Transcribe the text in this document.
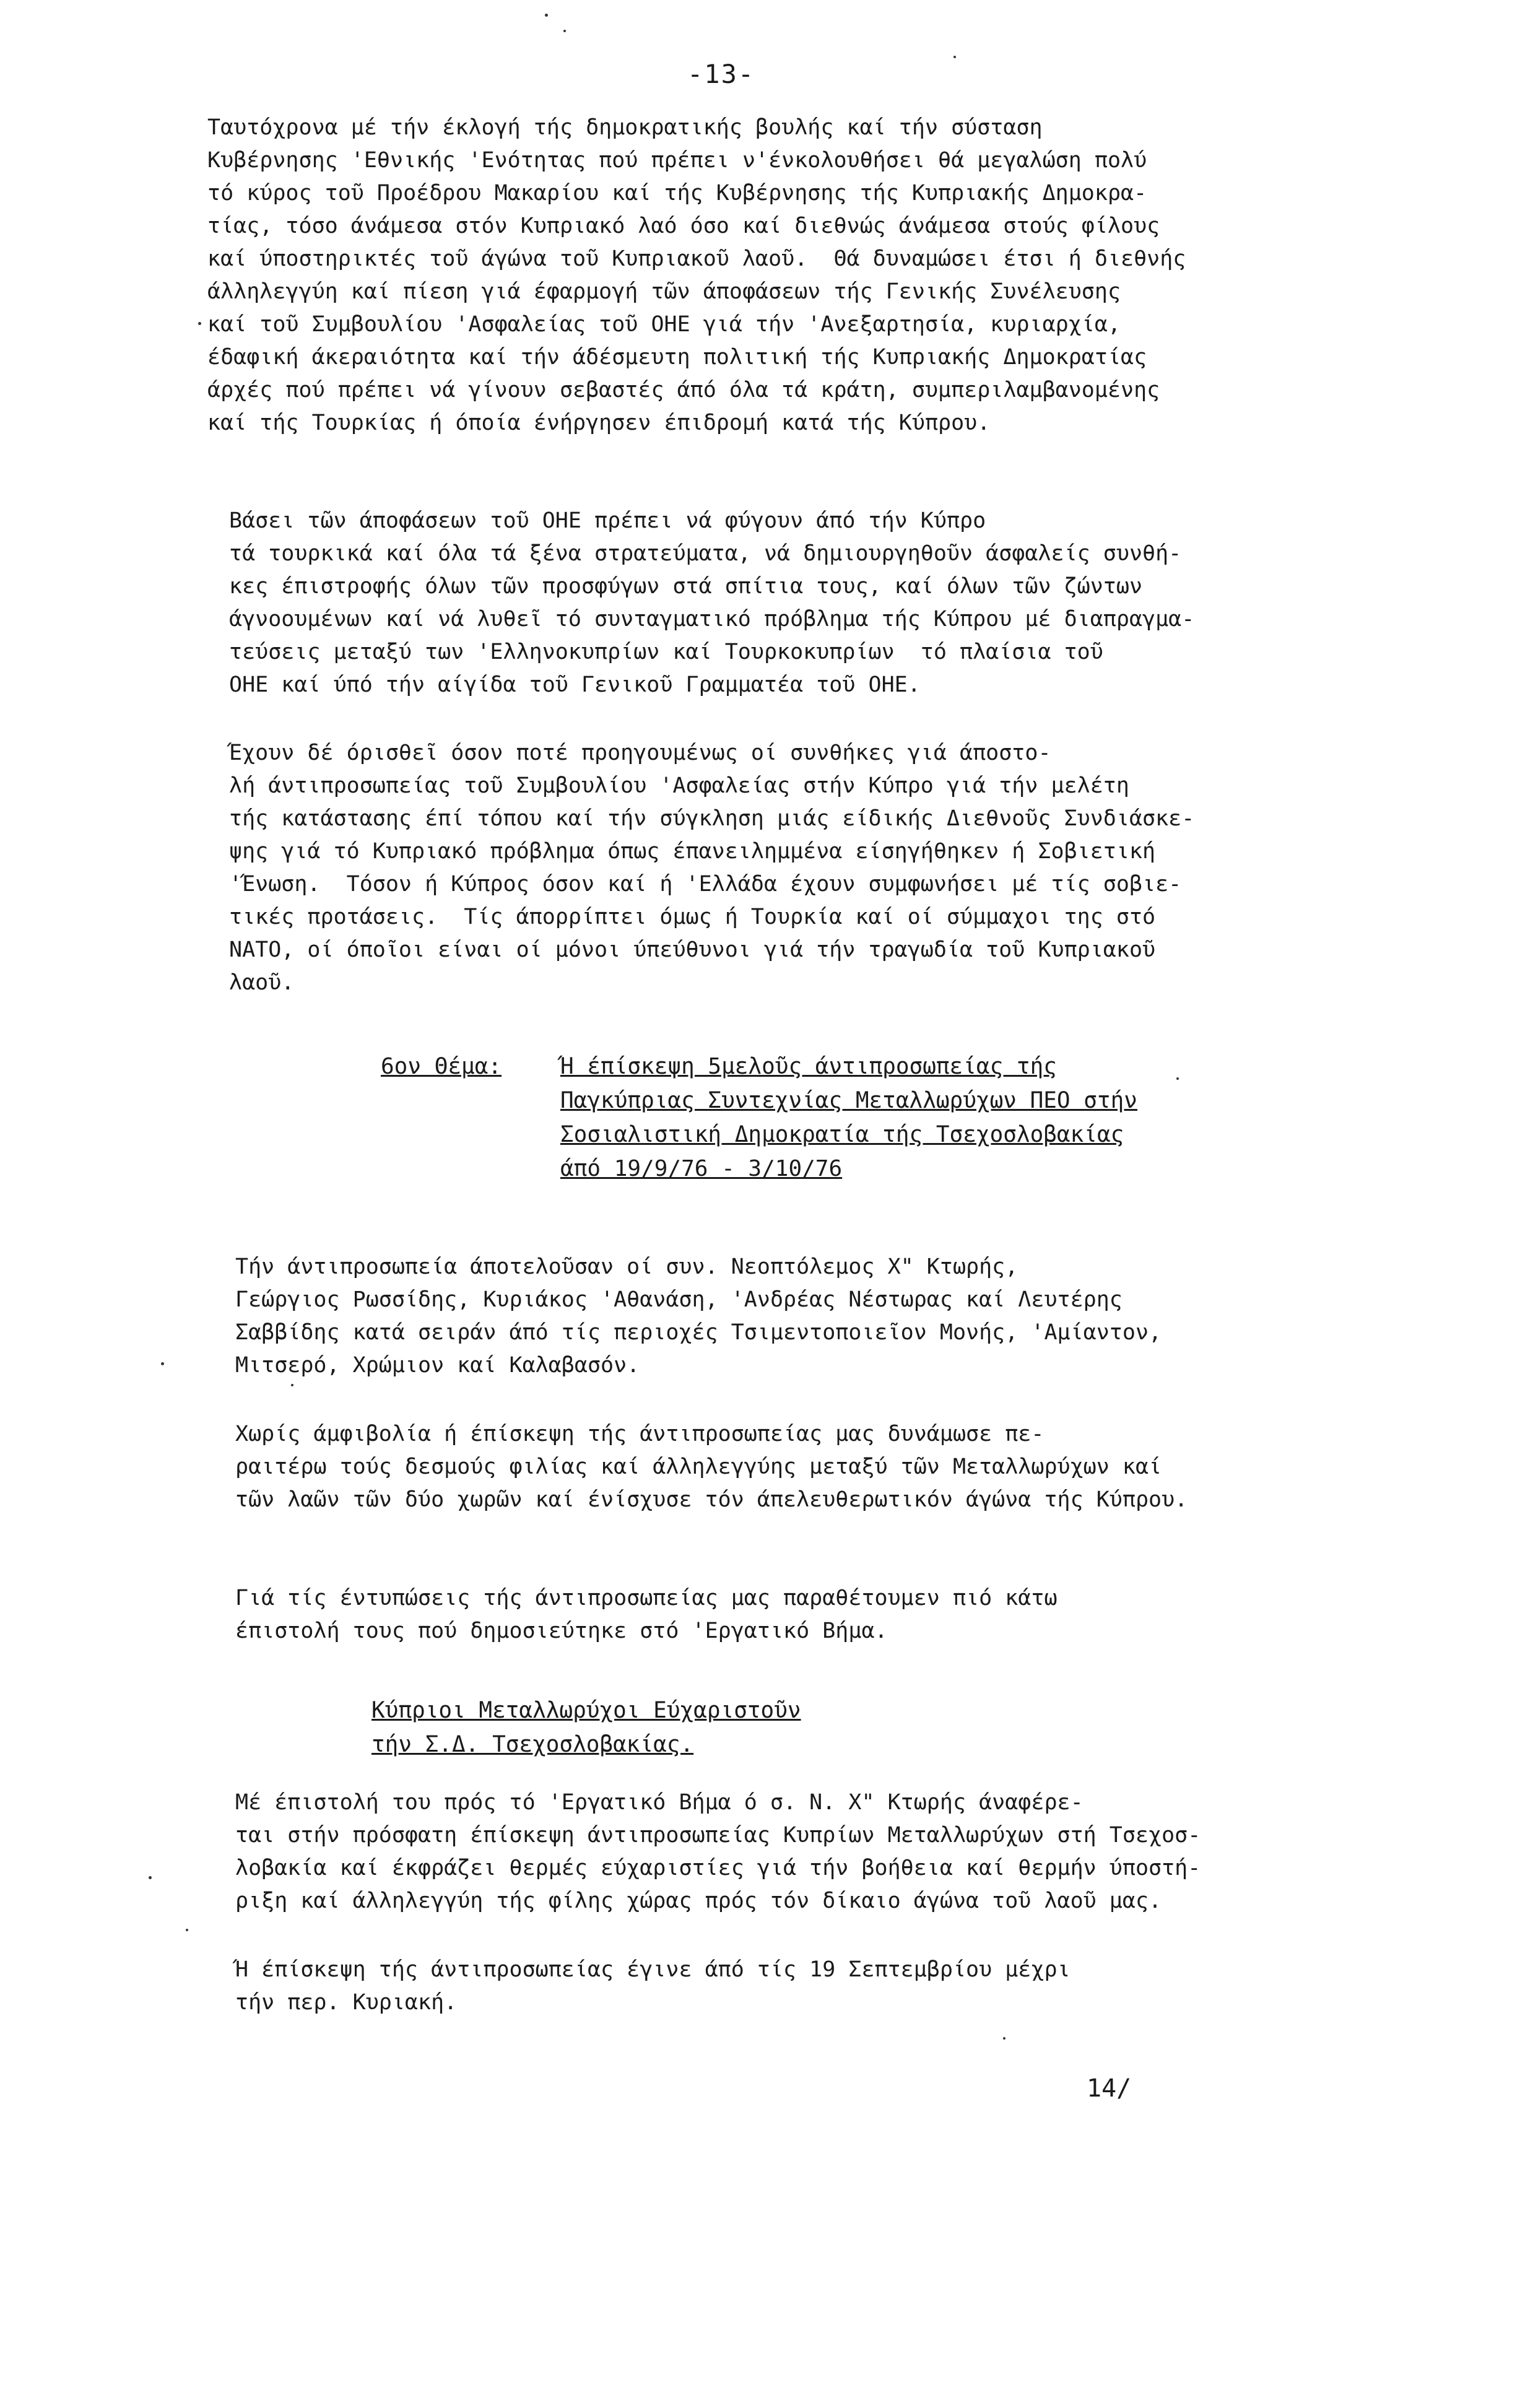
-13-

Ταυτόχρονα μέ τήν έκλογή τής δημοκρατικής βουλής καί τήν σύσταση
Κυβέρνησης 'Εθνικής 'Ενότητας πού πρέπει ν'ένκολουθήσει θά μεγαλώση πολύ
τό κύρος τοῦ Προέδρου Μακαρίου καί τής Κυβέρνησης τής Κυπριακής Δημοκρα-
τίας, τόσο άνάμεσα στόν Κυπριακό λαό όσο καί διεθνώς άνάμεσα στούς φίλους
καί ύποστηρικτές τοῦ άγώνα τοῦ Κυπριακοῦ λαοῦ.  Θά δυναμώσει έτσι ή διεθνής
άλληλεγγύη καί πίεση γιά έφαρμογή τῶν άποφάσεων τής Γενικής Συνέλευσης
καί τοῦ Συμβουλίου 'Ασφαλείας τοῦ ΟΗΕ γιά τήν 'Ανεξαρτησία, κυριαρχία,
έδαφική άκεραιότητα καί τήν άδέσμευτη πολιτική τής Κυπριακής Δημοκρατίας
άρχές πού πρέπει νά γίνουν σεβαστές άπό όλα τά κράτη, συμπεριλαμβανομένης
καί τής Τουρκίας ή όποία ένήργησεν έπιδρομή κατά τής Κύπρου.

Βάσει τῶν άποφάσεων τοῦ ΟΗΕ πρέπει νά φύγουν άπό τήν Κύπρο
τά τουρκικά καί όλα τά ξένα στρατεύματα, νά δημιουργηθοῦν άσφαλείς συνθή-
κες έπιστροφής όλων τῶν προσφύγων στά σπίτια τους, καί όλων τῶν ζώντων
άγνοουμένων καί νά λυθεῖ τό συνταγματικό πρόβλημα τής Κύπρου μέ διαπραγμα-
τεύσεις μεταξύ των 'Ελληνοκυπρίων καί Τουρκοκυπρίων  τό πλαίσια τοῦ
ΟΗΕ καί ύπό τήν αίγίδα τοῦ Γενικοῦ Γραμματέα τοῦ ΟΗΕ.

Έχουν δέ όρισθεῖ όσον ποτέ προηγουμένως οί συνθήκες γιά άποστο-
λή άντιπροσωπείας τοῦ Συμβουλίου 'Ασφαλείας στήν Κύπρο γιά τήν μελέτη
τής κατάστασης έπί τόπου καί τήν σύγκληση μιάς είδικής Διεθνοῦς Συνδιάσκε-
ψης γιά τό Κυπριακό πρόβλημα όπως έπανειλημμένα είσηγήθηκεν ή Σοβιετική
'Ένωση.  Τόσον ή Κύπρος όσον καί ή 'Ελλάδα έχουν συμφωνήσει μέ τίς σοβιε-
τικές προτάσεις.  Τίς άπορρίπτει όμως ή Τουρκία καί οί σύμμαχοι της στό
ΝΑΤΟ, οί όποῖοι είναι οί μόνοι ύπεύθυνοι γιά τήν τραγωδία τοῦ Κυπριακοῦ
λαοῦ.

6ον Θέμα:	Ή έπίσκεψη 5μελοῦς άντιπροσωπείας τής
Παγκύπριας Συντεχνίας Μεταλλωρύχων ΠΕΟ στήν
Σοσιαλιστική Δημοκρατία τής Τσεχοσλοβακίας
άπό 19/9/76 - 3/10/76

Τήν άντιπροσωπεία άποτελοῦσαν οί συν. Νεοπτόλεμος Χ" Κτωρής,
Γεώργιος Ρωσσίδης, Κυριάκος 'Αθανάση, 'Ανδρέας Νέστωρας καί Λευτέρης
Σαββίδης κατά σειράν άπό τίς περιοχές Τσιμεντοποιεῖον Μονής, 'Αμίαντον,
Μιτσερό, Χρώμιον καί Καλαβασόν.

Χωρίς άμφιβολία ή έπίσκεψη τής άντιπροσωπείας μας δυνάμωσε πε-
ραιτέρω τούς δεσμούς φιλίας καί άλληλεγγύης μεταξύ τῶν Μεταλλωρύχων καί
τῶν λαῶν τῶν δύο χωρῶν καί ένίσχυσε τόν άπελευθερωτικόν άγώνα τής Κύπρου.

Γιά τίς έντυπώσεις τής άντιπροσωπείας μας παραθέτουμεν πιό κάτω
έπιστολή τους πού δημοσιεύτηκε στό 'Εργατικό Βήμα.

Κύπριοι Μεταλλωρύχοι Εύχαριστοῦν
τήν Σ.Δ. Τσεχοσλοβακίας.

Μέ έπιστολή του πρός τό 'Εργατικό Βήμα ό σ. Ν. Χ" Κτωρής άναφέρε-
ται στήν πρόσφατη έπίσκεψη άντιπροσωπείας Κυπρίων Μεταλλωρύχων στή Τσεχοσ-
λοβακία καί έκφράζει θερμές εύχαριστίες γιά τήν βοήθεια καί θερμήν ύποστή-
ριξη καί άλληλεγγύη τής φίλης χώρας πρός τόν δίκαιο άγώνα τοῦ λαοῦ μας.

Ή έπίσκεψη τής άντιπροσωπείας έγινε άπό τίς 19 Σεπτεμβρίου μέχρι
τήν περ. Κυριακή.

14/
